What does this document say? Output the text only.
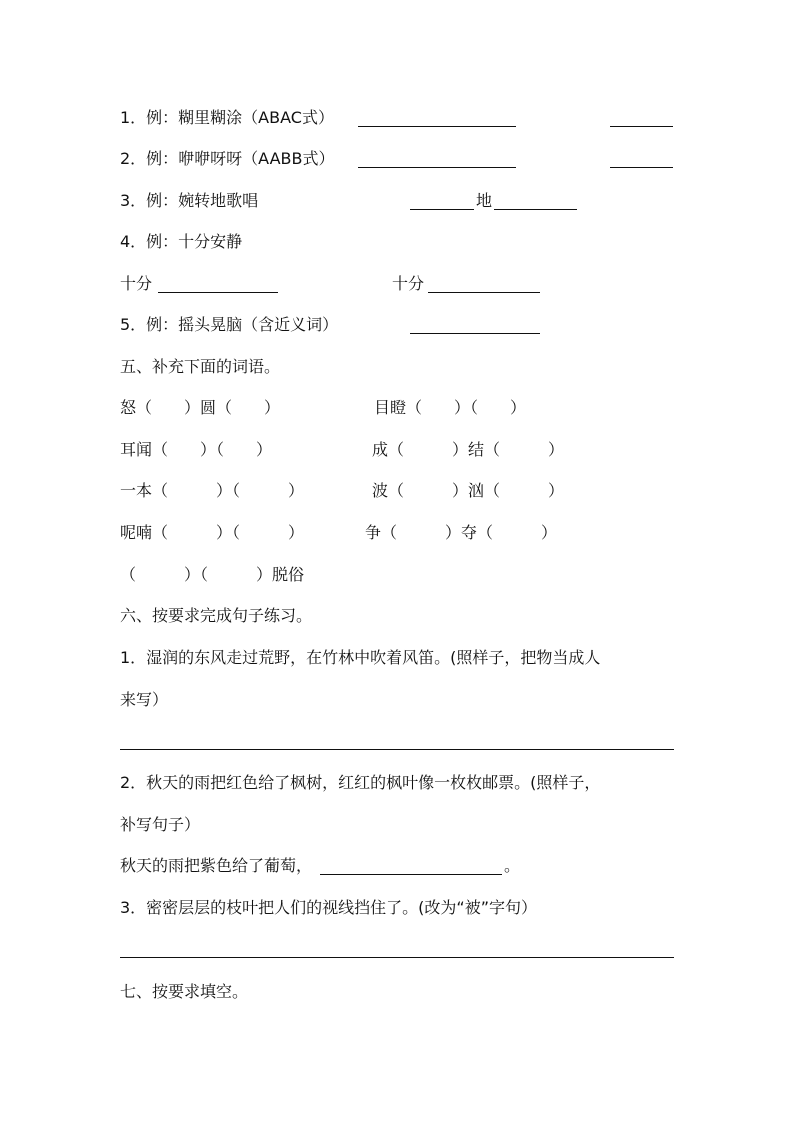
1．例：糊里糊涂（ABAC式）
2．例：咿咿呀呀（AABB式）
3．例：婉转地歌唱	地
4．例：十分安静
十分	十分
5．例：摇头晃脑（含近义词）
五、补充下面的词语。
怒（　　）圆（　　）	目瞪（　　）（　　）
耳闻（　　）（　　）	成（　　　）结（　　　）
一本（　　　）（　　　）	波（　　　）汹（　　　）
呢喃（　　　）（　　　）	争（　　　）夺（　　　）
（　　　）（　　　）脱俗
六、按要求完成句子练习。
1．湿润的东风走过荒野，在竹林中吹着风笛。(照样子，把物当成人
来写）
2．秋天的雨把红色给了枫树，红红的枫叶像一枚枚邮票。(照样子，
补写句子）
秋天的雨把紫色给了葡萄，	。
3．密密层层的枝叶把人们的视线挡住了。(改为“被”字句）
七、按要求填空。
